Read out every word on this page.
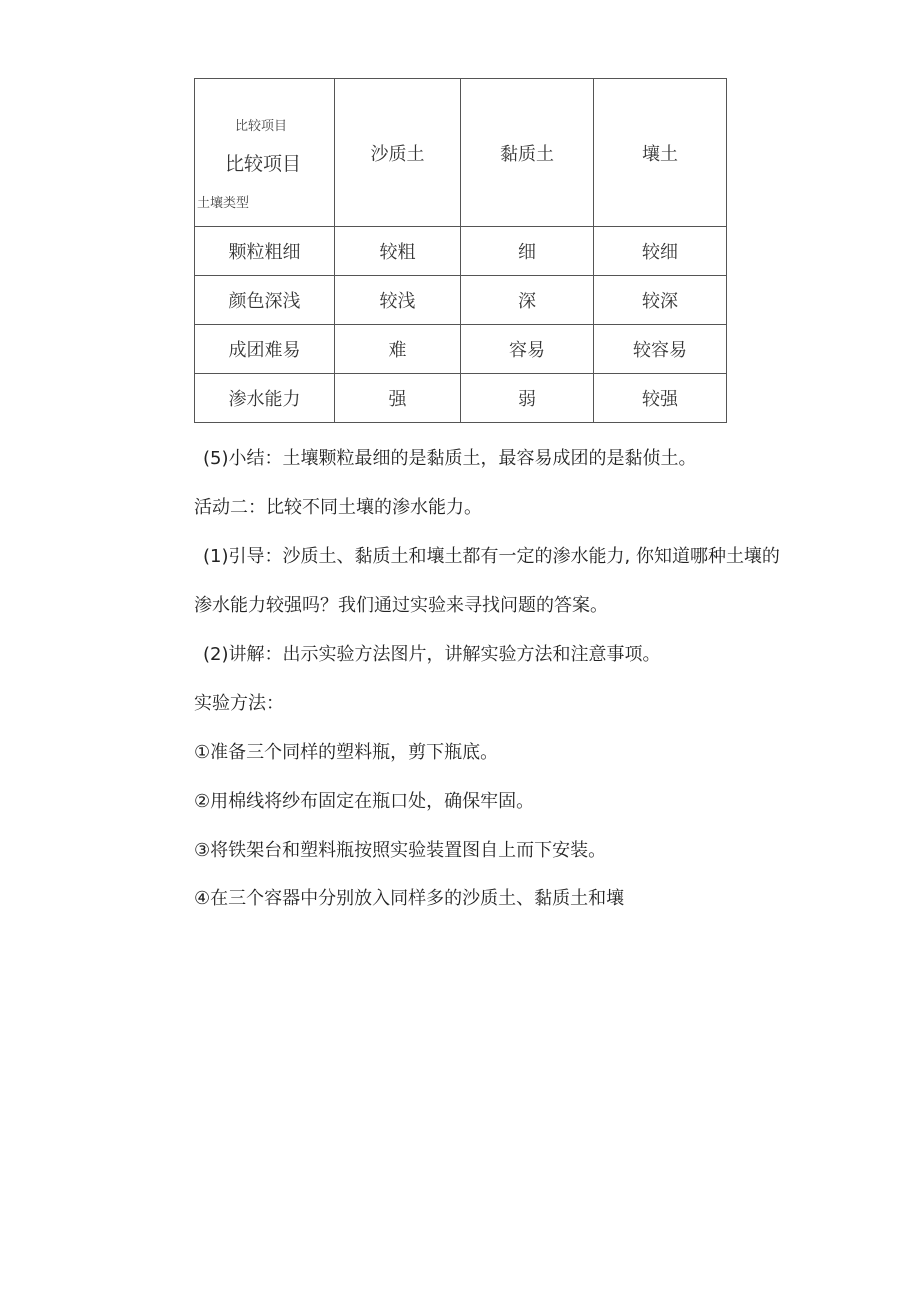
比较项目
比较项目
土壤类型	沙质土	黏质土	壤土
颗粒粗细	较粗	细	较细
颜色深浅	较浅	深	较深
成团难易	难	容易	较容易
渗水能力	强	弱	较强
(5)小结：土壤颗粒最细的是黏质土，最容易成团的是黏侦土。
活动二：比较不同土壤的渗水能力。
(1)引导：沙质土、黏质土和壤土都有一定的渗水能力, 你知道哪种土壤的
渗水能力较强吗？我们通过实验来寻找问题的答案。
(2)讲解：出示实验方法图片，讲解实验方法和注意事项。
实验方法：
①准备三个同样的塑料瓶，剪下瓶底。
②用棉线将纱布固定在瓶口处，确保牢固。
③将铁架台和塑料瓶按照实验装置图自上而下安装。
④在三个容器中分别放入同样多的沙质土、黏质土和壤
